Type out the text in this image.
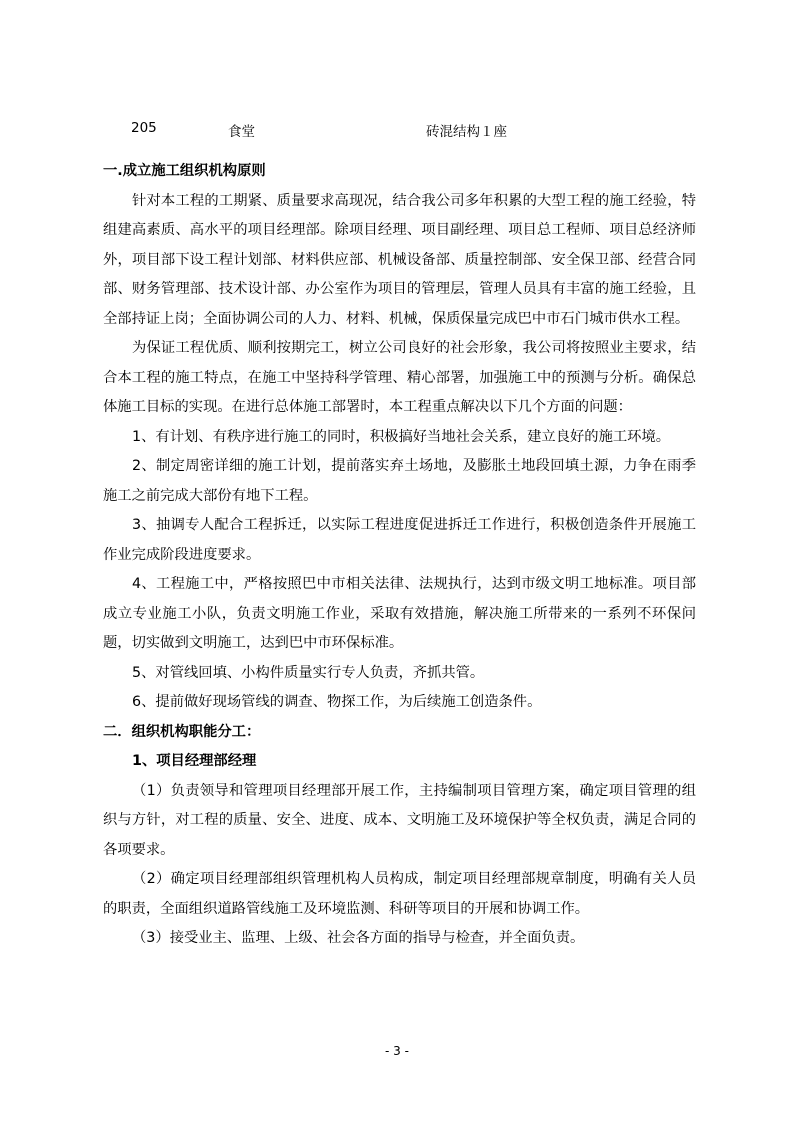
205	食堂	砖混结构１座

一.成立施工组织机构原则

针对本工程的工期紧、质量要求高现况，结合我公司多年积累的大型工程的施工经验，特组建高素质、高水平的项目经理部。除项目经理、项目副经理、项目总工程师、项目总经济师外，项目部下设工程计划部、材料供应部、机械设备部、质量控制部、安全保卫部、经营合同部、财务管理部、技术设计部、办公室作为项目的管理层，管理人员具有丰富的施工经验，且全部持证上岗；全面协调公司的人力、材料、机械，保质保量完成巴中市石门城市供水工程。

为保证工程优质、顺利按期完工，树立公司良好的社会形象，我公司将按照业主要求，结合本工程的施工特点，在施工中坚持科学管理、精心部署，加强施工中的预测与分析。确保总体施工目标的实现。在进行总体施工部署时，本工程重点解决以下几个方面的问题：

1、有计划、有秩序进行施工的同时，积极搞好当地社会关系，建立良好的施工环境。

2、制定周密详细的施工计划，提前落实弃土场地，及膨胀土地段回填土源，力争在雨季施工之前完成大部份有地下工程。

3、抽调专人配合工程拆迁，以实际工程进度促进拆迁工作进行，积极创造条件开展施工作业完成阶段进度要求。

4、工程施工中，严格按照巴中市相关法律、法规执行，达到市级文明工地标准。项目部成立专业施工小队，负责文明施工作业，采取有效措施，解决施工所带来的一系列不环保问题，切实做到文明施工，达到巴中市环保标准。

5、对管线回填、小构件质量实行专人负责，齐抓共管。

6、提前做好现场管线的调查、物探工作，为后续施工创造条件。

二．组织机构职能分工：

1、项目经理部经理

（1）负责领导和管理项目经理部开展工作，主持编制项目管理方案，确定项目管理的组织与方针，对工程的质量、安全、进度、成本、文明施工及环境保护等全权负责，满足合同的各项要求。

（2）确定项目经理部组织管理机构人员构成，制定项目经理部规章制度，明确有关人员的职责，全面组织道路管线施工及环境监测、科研等项目的开展和协调工作。

（3）接受业主、监理、上级、社会各方面的指导与检查，并全面负责。

- 3 -
